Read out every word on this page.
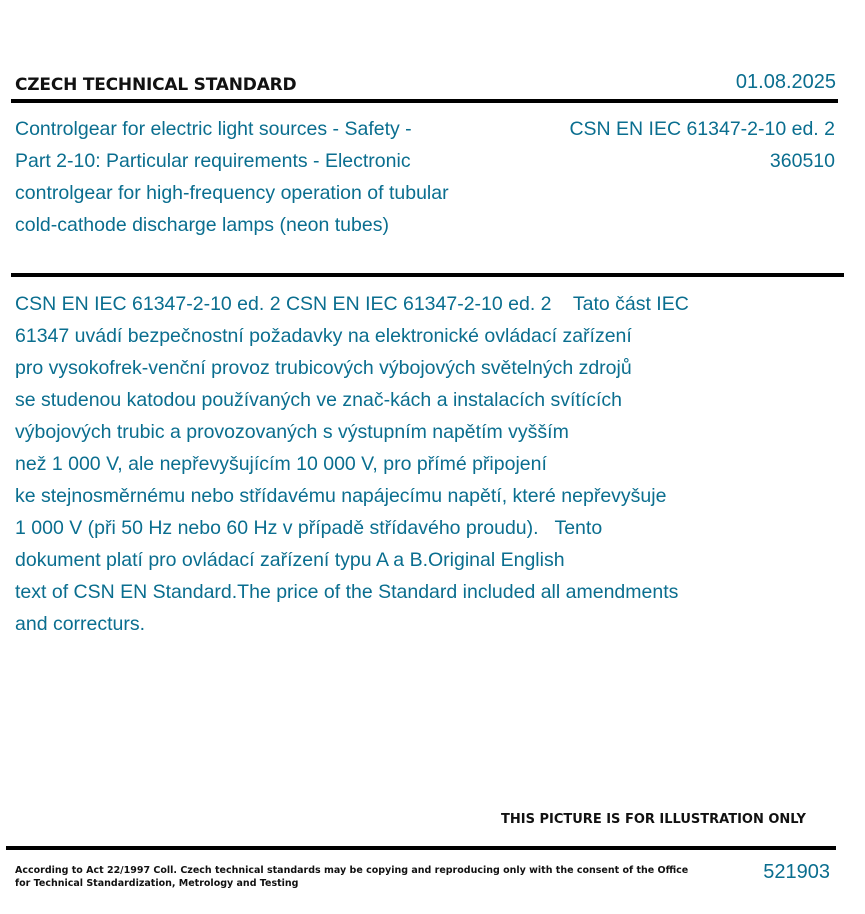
CZECH TECHNICAL STANDARD	01.08.2025
Controlgear for electric light sources - Safety -
Part 2-10: Particular requirements - Electronic
controlgear for high-frequency operation of tubular
cold-cathode discharge lamps (neon tubes)
CSN EN IEC 61347-2-10 ed. 2
360510
CSN EN IEC 61347-2-10 ed. 2 CSN EN IEC 61347-2-10 ed. 2    Tato část IEC
61347 uvádí bezpečnostní požadavky na elektronické ovládací zařízení
pro vysokofrek-venční provoz trubicových výbojových světelných zdrojů
se studenou katodou používaných ve znač-kách a instalacích svítících
výbojových trubic a provozovaných s výstupním napětím vyšším
než 1 000 V, ale nepřevyšujícím 10 000 V, pro přímé připojení
ke stejnosměrnému nebo střídavému napájecímu napětí, které nepřevyšuje
1 000 V (při 50 Hz nebo 60 Hz v případě střídavého proudu).   Tento
dokument platí pro ovládací zařízení typu A a B.Original English
text of CSN EN Standard.The price of the Standard included all amendments
and correcturs.
THIS PICTURE IS FOR ILLUSTRATION ONLY
According to Act 22/1997 Coll. Czech technical standards may be copying and reproducing only with the consent of the Office
for Technical Standardization, Metrology and Testing
521903
